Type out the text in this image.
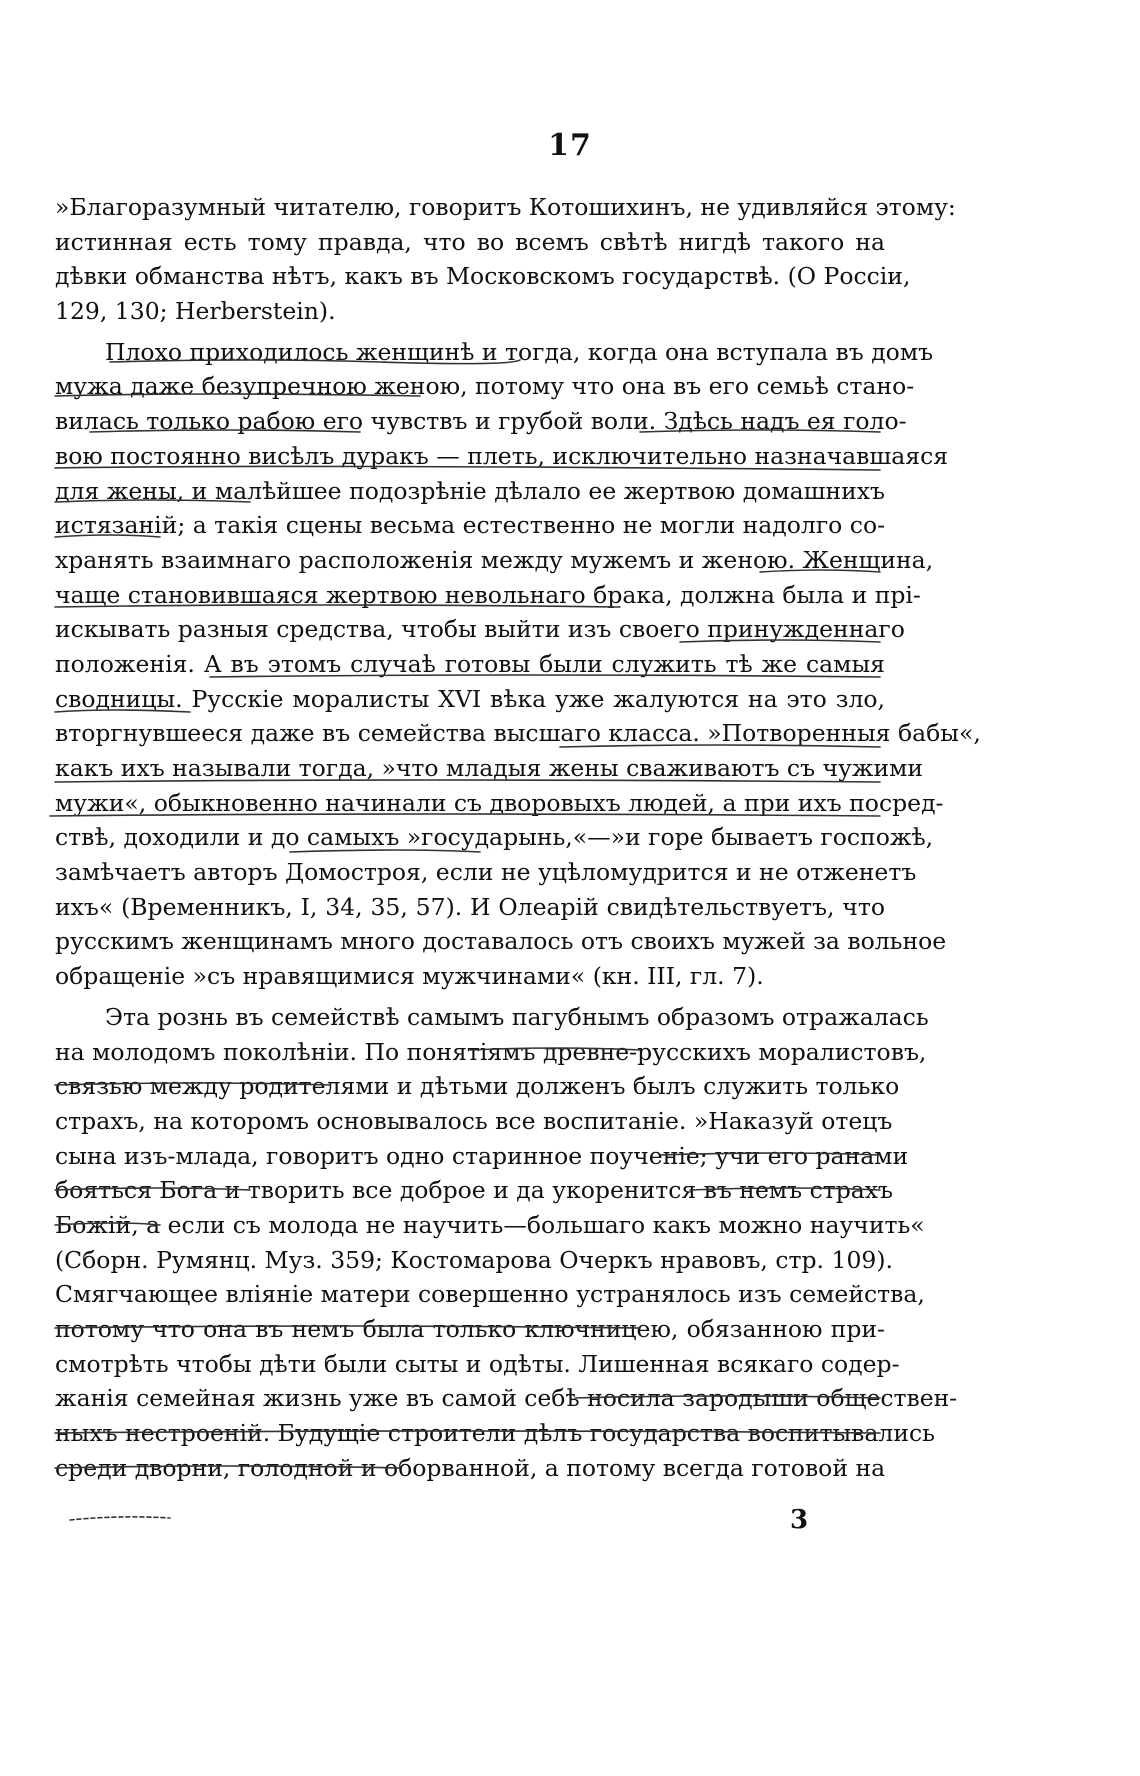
17
»Благоразумный читателю, говоритъ Котошихинъ, не удивляйся этому:
истинная есть тому правда, что во всемъ свѣтѣ нигдѣ такого на
дѣвки обманства нѣтъ, какъ въ Московскомъ государствѣ. (О Россiи,
129, 130; Herberstein).
Плохо приходилось женщинѣ и тогда, когда она вступала въ домъ
мужа даже безупречною женою, потому что она въ его семьѣ стано-
вилась только рабою его чувствъ и грубой воли. Здѣсь надъ ея голо-
вою постоянно висѣлъ дуракъ — плеть, исключительно назначавшаяся
для жены, и малѣйшее подозрѣнiе дѣлало ее жертвою домашнихъ
истязанiй; а такiя сцены весьма естественно не могли надолго со-
хранять взаимнаго расположенiя между мужемъ и женою. Женщина,
чаще становившаяся жертвою невольнаго брака, должна была и прi-
искывать разныя средства, чтобы выйти изъ своего принужденнаго
положенiя. А въ этомъ случаѣ готовы были служить тѣ же самыя
сводницы. Русскiе моралисты XVI вѣка уже жалуются на это зло,
вторгнувшееся даже въ семейства высшаго класса. »Потворенныя бабы«,
какъ ихъ называли тогда, »что младыя жены сваживаютъ съ чужими
мужи«, обыкновенно начинали съ дворовыхъ людей, а при ихъ посред-
ствѣ, доходили и до самыхъ »государынь,«—»и горе бываетъ госпожѣ,
замѣчаетъ авторъ Домостроя, если не уцѣломудрится и не отженетъ
ихъ« (Временникъ, I, 34, 35, 57). И Олеарiй свидѣтельствуетъ, что
русскимъ женщинамъ много доставалось отъ своихъ мужей за вольное
обращенiе »съ нравящимися мужчинами« (кн. III, гл. 7).
Эта рознь въ семействѣ самымъ пагубнымъ образомъ отражалась
на молодомъ поколѣнiи. По понятiямъ древне-русскихъ моралистовъ,
связью между родителями и дѣтьми долженъ былъ служить только
страхъ, на которомъ основывалось все воспитанiе. »Наказуй отецъ
сына изъ-млада, говоритъ одно старинное поученiе; учи его ранами
бояться Бога и творить все доброе и да укоренится въ немъ страхъ
Божiй, а если съ молода не научить—большаго какъ можно научить«
(Сборн. Румянц. Муз. 359; Костомарова Очеркъ нравовъ, стр. 109).
Смягчающее влiянiе матери совершенно устранялось изъ семейства,
потому что она въ немъ была только ключницею, обязанною при-
смотрѣть чтобы дѣти были сыты и одѣты. Лишенная всякаго содер-
жанiя семейная жизнь уже въ самой себѣ носила зародыши обществен-
ныхъ нестроенiй. Будущiе строители дѣлъ государства воспитывались
среди дворни, голодной и оборванной, а потому всегда готовой на
3
